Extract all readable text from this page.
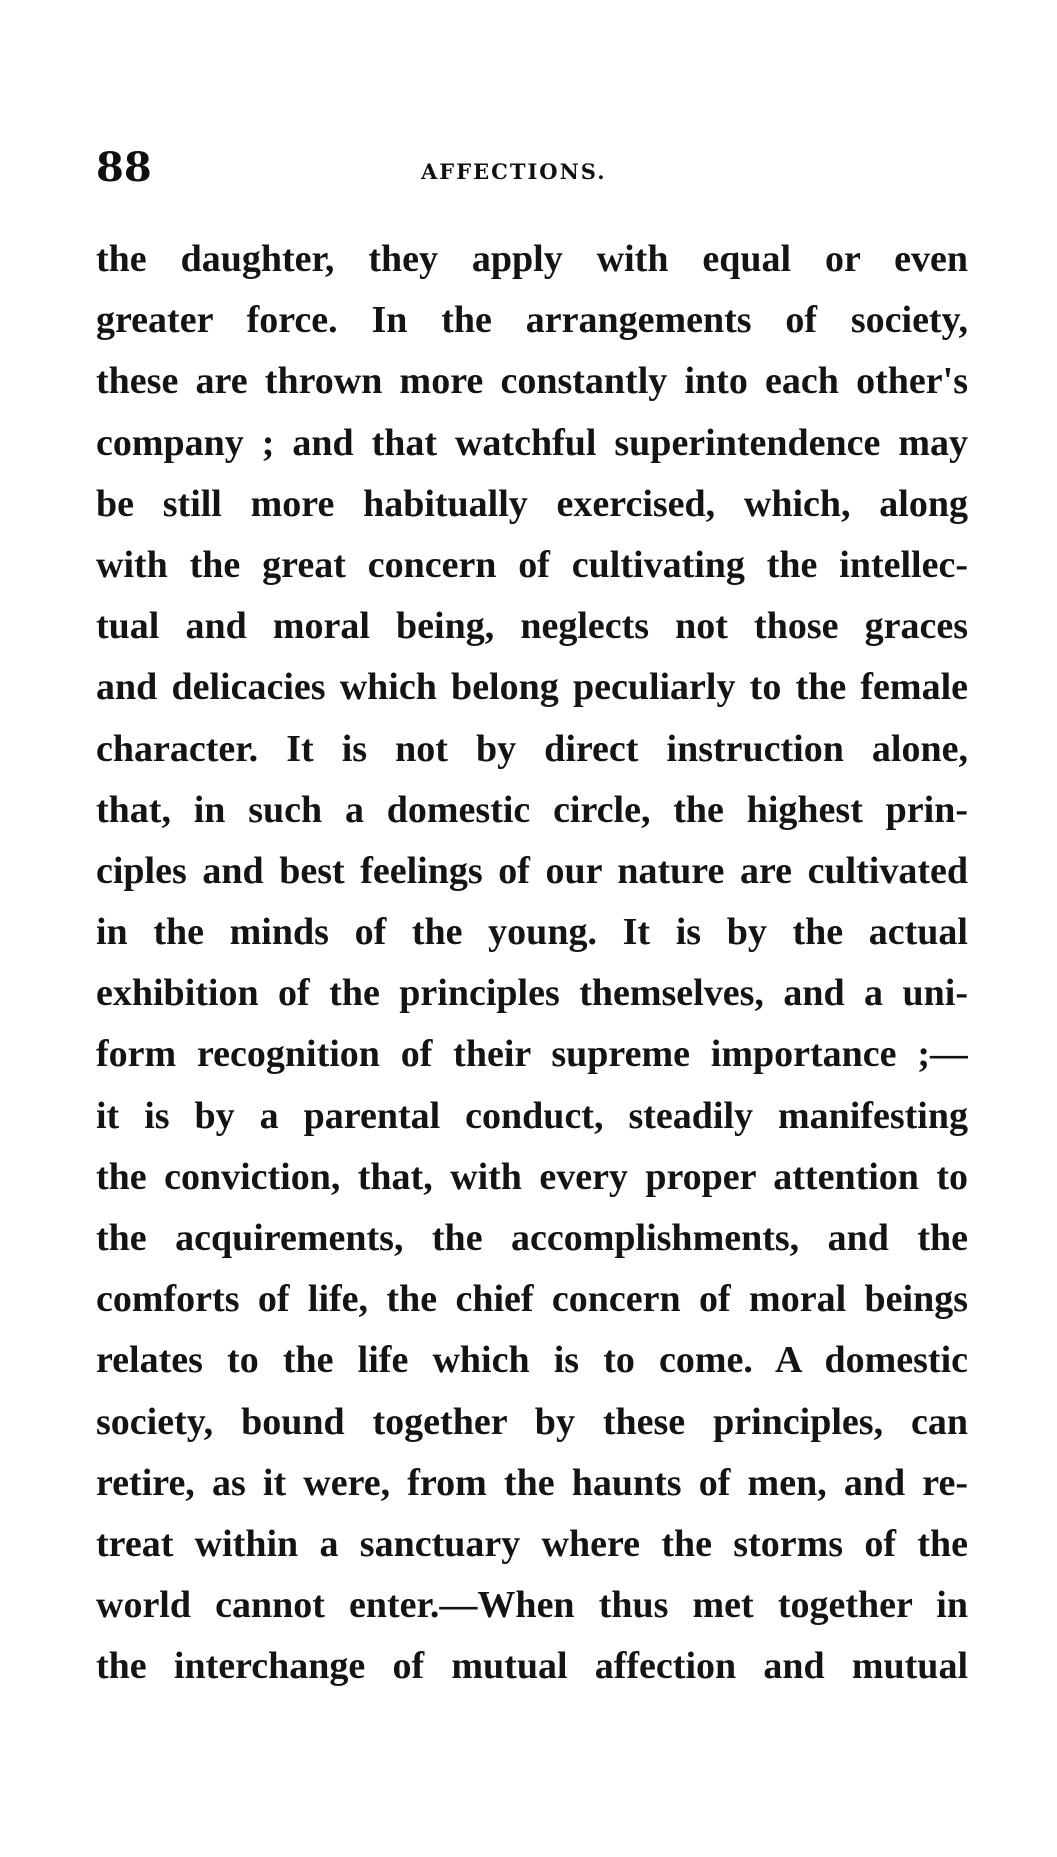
88	AFFECTIONS.
the daughter, they apply with equal or even
greater force. In the arrangements of society,
these are thrown more constantly into each other's
company ; and that watchful superintendence may
be still more habitually exercised, which, along
with the great concern of cultivating the intellec-
tual and moral being, neglects not those graces
and delicacies which belong peculiarly to the female
character. It is not by direct instruction alone,
that, in such a domestic circle, the highest prin-
ciples and best feelings of our nature are cultivated
in the minds of the young. It is by the actual
exhibition of the principles themselves, and a uni-
form recognition of their supreme importance ;—
it is by a parental conduct, steadily manifesting
the conviction, that, with every proper attention to
the acquirements, the accomplishments, and the
comforts of life, the chief concern of moral beings
relates to the life which is to come. A domestic
society, bound together by these principles, can
retire, as it were, from the haunts of men, and re-
treat within a sanctuary where the storms of the
world cannot enter.—When thus met together in
the interchange of mutual affection and mutual
